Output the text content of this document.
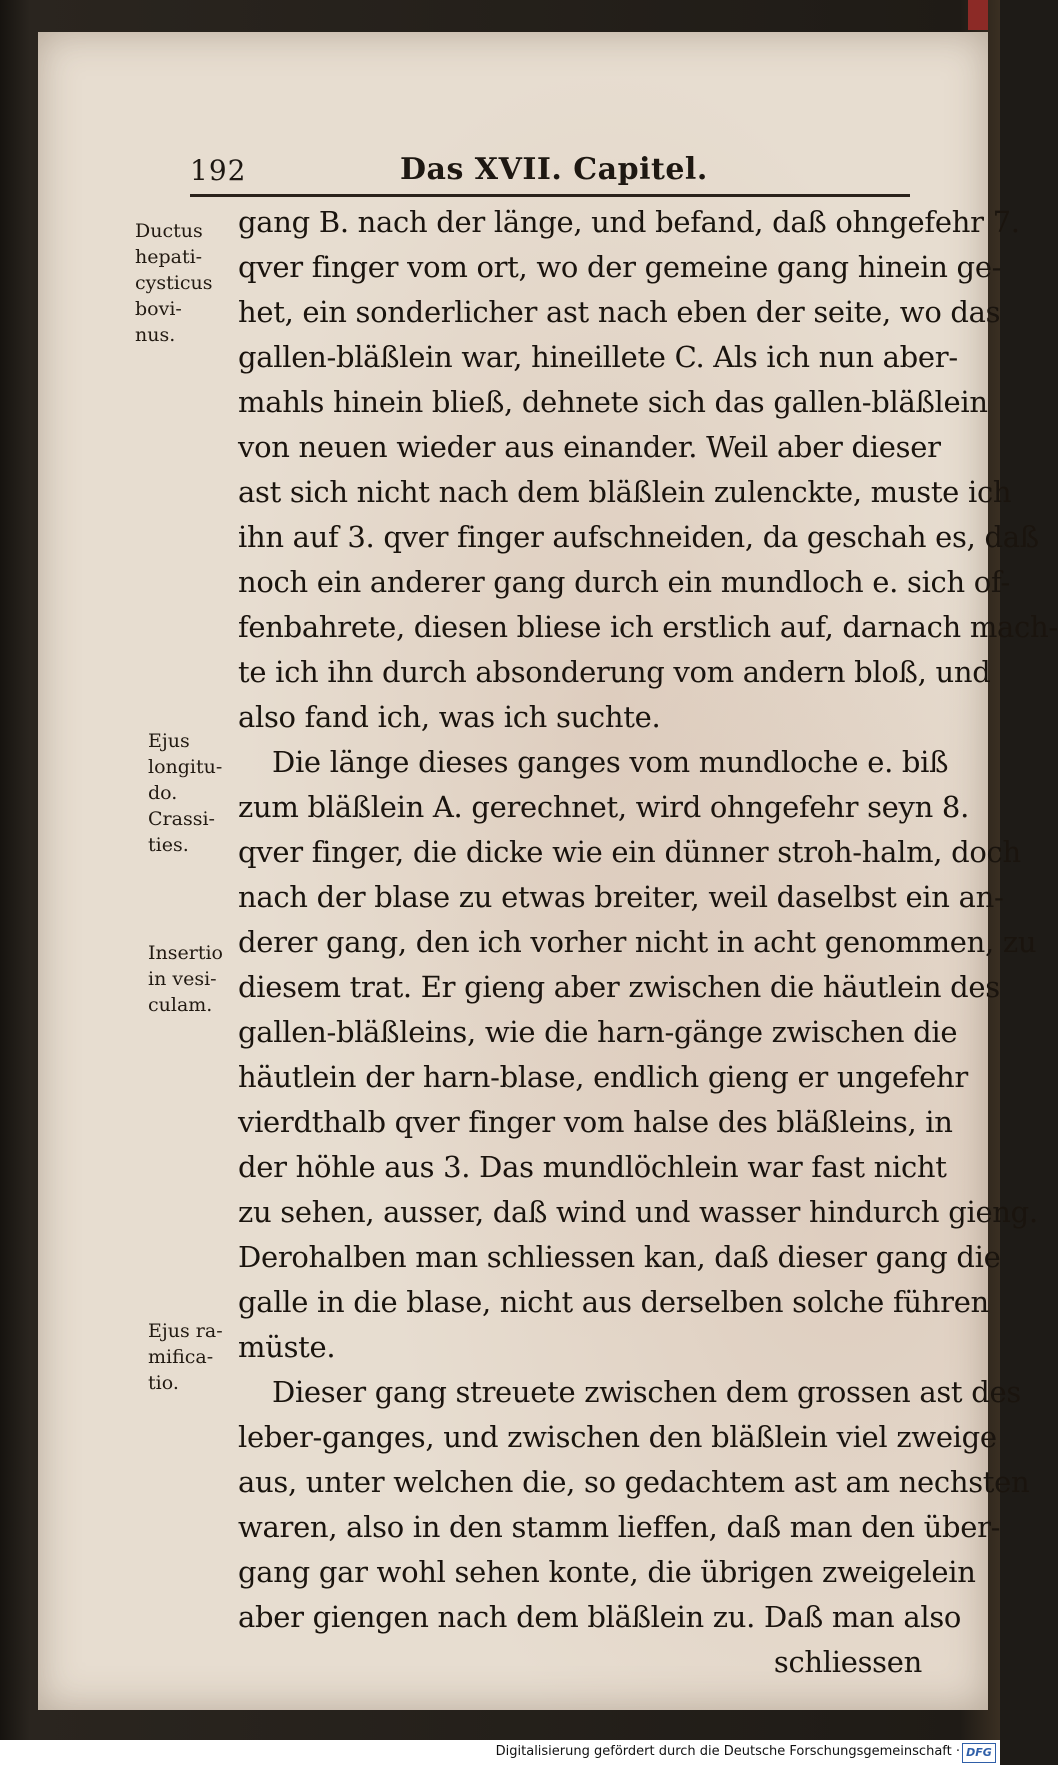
192	Das XVII. Capitel.
gang B. nach der länge, und befand, daß ohngefehr 7.
qver finger vom ort, wo der gemeine gang hinein ge-
het, ein sonderlicher ast nach eben der seite, wo das
gallen-bläßlein war, hineillete C. Als ich nun aber-
mahls hinein bließ, dehnete sich das gallen-bläßlein
von neuen wieder aus einander. Weil aber dieser
ast sich nicht nach dem bläßlein zulenckte, muste ich
ihn auf 3. qver finger aufschneiden, da geschah es, daß
noch ein anderer gang durch ein mundloch e. sich of-
fenbahrete, diesen bliese ich erstlich auf, darnach mach-
te ich ihn durch absonderung vom andern bloß, und
also fand ich, was ich suchte.
Die länge dieses ganges vom mundloche e. biß
zum bläßlein A. gerechnet, wird ohngefehr seyn 8.
qver finger, die dicke wie ein dünner stroh-halm, doch
nach der blase zu etwas breiter, weil daselbst ein an-
derer gang, den ich vorher nicht in acht genommen, zu
diesem trat. Er gieng aber zwischen die häutlein des
gallen-bläßleins, wie die harn-gänge zwischen die
häutlein der harn-blase, endlich gieng er ungefehr
vierdthalb qver finger vom halse des bläßleins, in
der höhle aus 3. Das mundlöchlein war fast nicht
zu sehen, ausser, daß wind und wasser hindurch gieng.
Derohalben man schliessen kan, daß dieser gang die
galle in die blase, nicht aus derselben solche führen
müste.
Dieser gang streuete zwischen dem grossen ast des
leber-ganges, und zwischen den bläßlein viel zweige
aus, unter welchen die, so gedachtem ast am nechsten
waren, also in den stamm lieffen, daß man den über-
gang gar wohl sehen konte, die übrigen zweigelein
aber giengen nach dem bläßlein zu. Daß man also
schliessen
Ductus
hepati-
cysticus
bovi-
nus.
Ejus
longitu-
do.
Crassi-
ties.
Insertio
in vesi-
culam.
Ejus ra-
mifica-
tio.
Digitalisierung gefördert durch die Deutsche Forschungsgemeinschaft · DFG
